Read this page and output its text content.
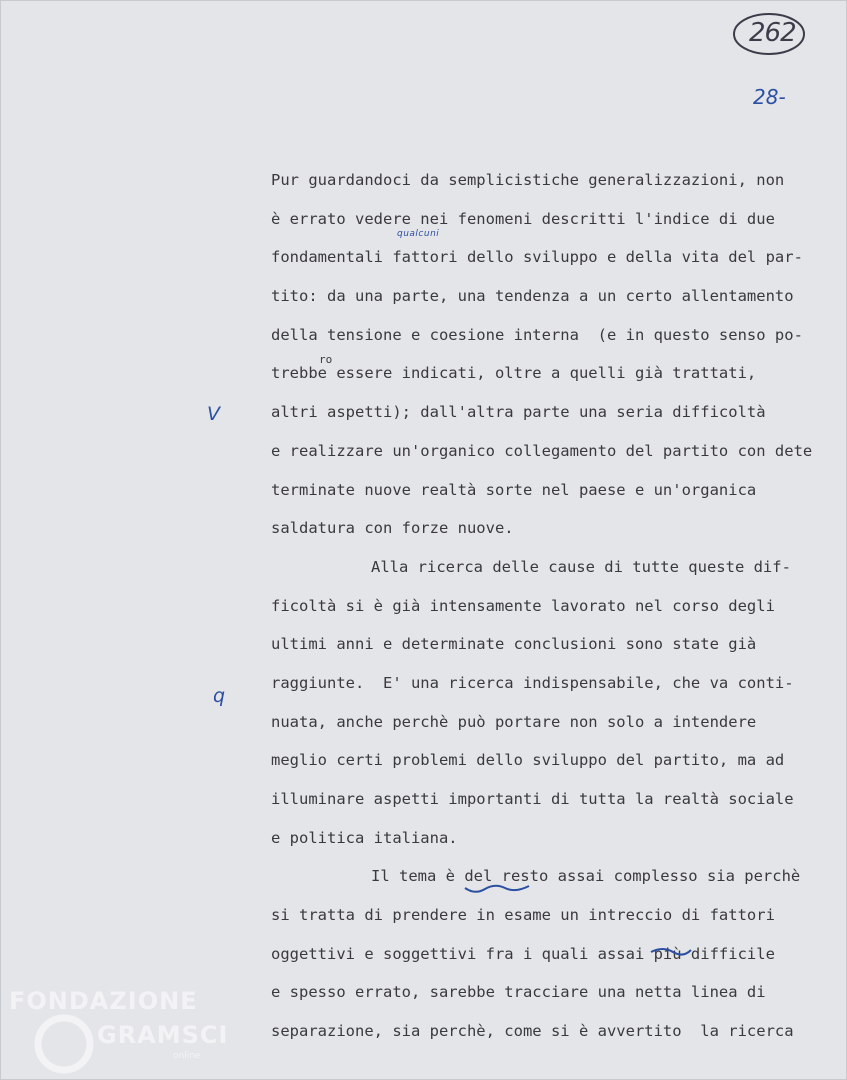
262
28-
V
q
qualcuni
ro
Pur guardandoci da semplicistiche generalizzazioni, non
è errato vedere nei fenomeni descritti l'indice di due
fondamentali fattori dello sviluppo e della vita del par-
tito: da una parte, una tendenza a un certo allentamento
della tensione e coesione interna  (e in questo senso po-
trebbe essere indicati, oltre a quelli già trattati,
altri aspetti); dall'altra parte una seria difficoltà
e realizzare un'organico collegamento del partito con dete
terminate nuove realtà sorte nel paese e un'organica
saldatura con forze nuove.
Alla ricerca delle cause di tutte queste dif-
ficoltà si è già intensamente lavorato nel corso degli
ultimi anni e determinate conclusioni sono state già
raggiunte.  E' una ricerca indispensabile, che va conti-
nuata, anche perchè può portare non solo a intendere
meglio certi problemi dello sviluppo del partito, ma ad
illuminare aspetti importanti di tutta la realtà sociale
e politica italiana.
Il tema è del resto assai complesso sia perchè
si tratta di prendere in esame un intreccio di fattori
oggettivi e soggettivi fra i quali assai più difficile
e spesso errato, sarebbe tracciare una netta linea di
separazione, sia perchè, come si è avvertito  la ricerca
FONDAZIONE
GRAMSCI
online
